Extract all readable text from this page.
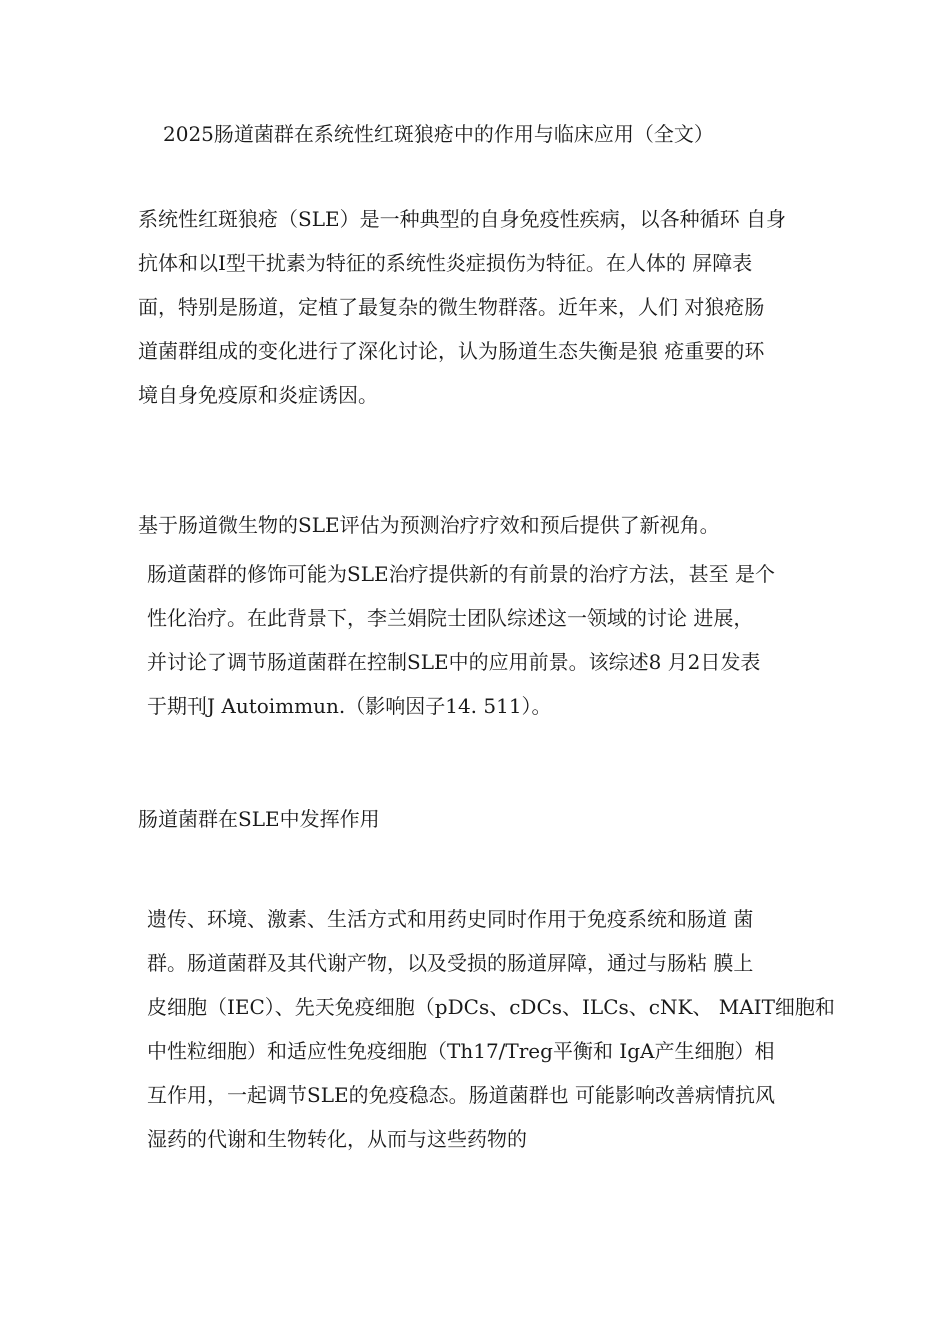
2025肠道菌群在系统性红斑狼疮中的作用与临床应用（全文）
系统性红斑狼疮（SLE）是一种典型的自身免疫性疾病，以各种循环 自身
抗体和以Ⅰ型干扰素为特征的系统性炎症损伤为特征。在人体的 屏障表
面，特别是肠道，定植了最复杂的微生物群落。近年来，人们 对狼疮肠
道菌群组成的变化进行了深化讨论，认为肠道生态失衡是狼 疮重要的环
境自身免疫原和炎症诱因。
基于肠道微生物的SLE评估为预测治疗疗效和预后提供了新视角。
肠道菌群的修饰可能为SLE治疗提供新的有前景的治疗方法，甚至 是个
性化治疗。在此背景下，李兰娟院士团队综述这一领域的讨论 进展，
并讨论了调节肠道菌群在控制SLE中的应用前景。该综述8 月2日发表
于期刊J Autoimmun.（影响因子14. 511）。
肠道菌群在SLE中发挥作用
遗传、环境、激素、生活方式和用药史同时作用于免疫系统和肠道 菌
群。肠道菌群及其代谢产物，以及受损的肠道屏障，通过与肠粘 膜上
皮细胞（IEC）、先天免疫细胞（pDCs、cDCs、ILCs、cNK、 MAIT细胞和
中性粒细胞）和适应性免疫细胞（Th17/Treg平衡和 IgA产生细胞）相
互作用，一起调节SLE的免疫稳态。肠道菌群也 可能影响改善病情抗风
湿药的代谢和生物转化，从而与这些药物的
